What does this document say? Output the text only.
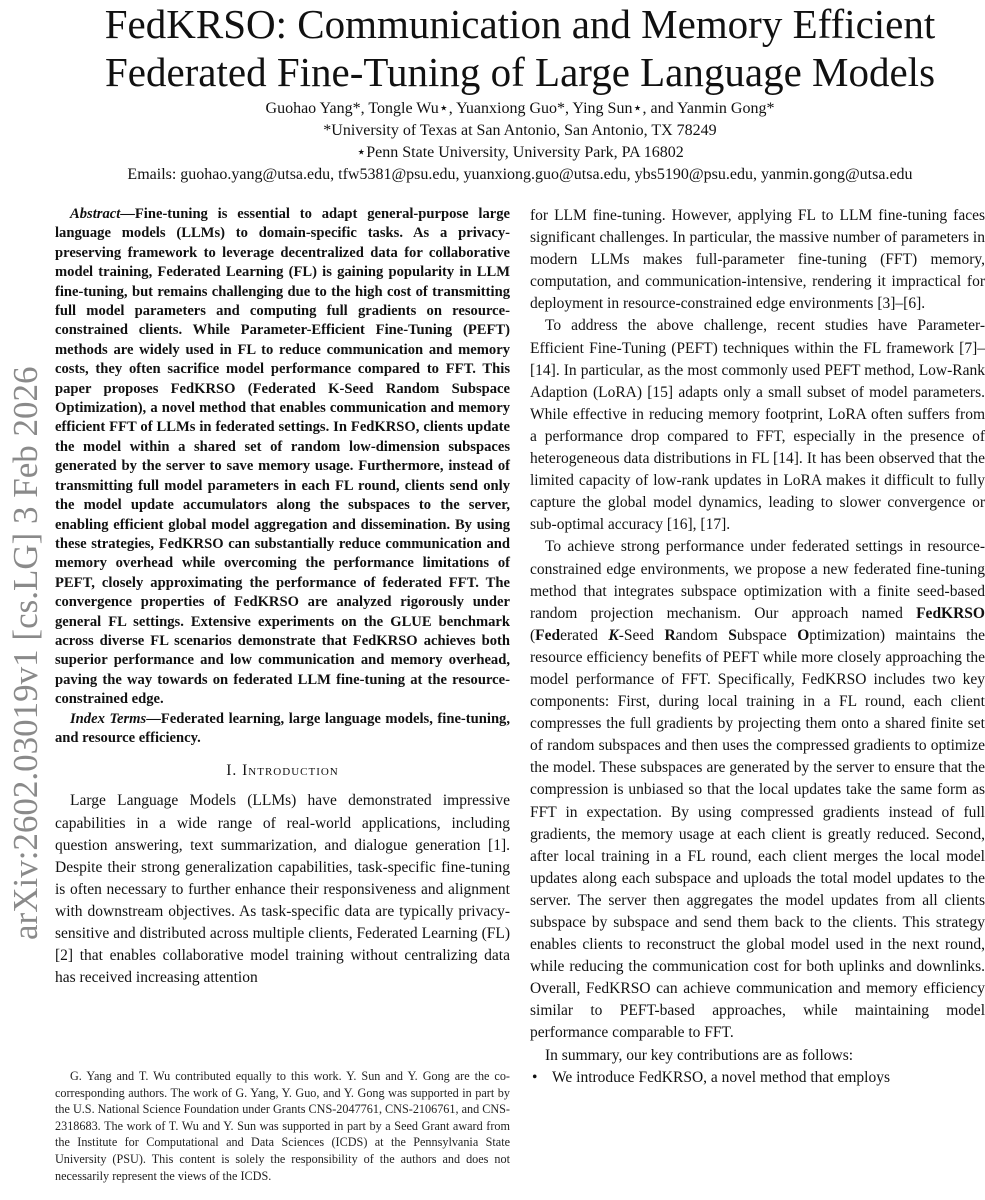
arXiv:2602.03019v1 [cs.LG] 3 Feb 2026
FedKRSO: Communication and Memory Efficient
Federated Fine-Tuning of Large Language Models
Guohao Yang*, Tongle Wu⋆, Yuanxiong Guo*, Ying Sun⋆, and Yanmin Gong*
*University of Texas at San Antonio, San Antonio, TX 78249
⋆Penn State University, University Park, PA 16802
Emails: guohao.yang@utsa.edu, tfw5381@psu.edu, yuanxiong.guo@utsa.edu, ybs5190@psu.edu, yanmin.gong@utsa.edu

Abstract—Fine-tuning is essential to adapt general-purpose large language models (LLMs) to domain-specific tasks. As a privacy-preserving framework to leverage decentralized data for collaborative model training, Federated Learning (FL) is gaining popularity in LLM fine-tuning, but remains challenging due to the high cost of transmitting full model parameters and computing full gradients on resource-constrained clients. While Parameter-Efficient Fine-Tuning (PEFT) methods are widely used in FL to reduce communication and memory costs, they often sacrifice model performance compared to FFT. This paper proposes FedKRSO (Federated K-Seed Random Subspace Optimization), a novel method that enables communication and memory efficient FFT of LLMs in federated settings. In FedKRSO, clients update the model within a shared set of random low-dimension subspaces generated by the server to save memory usage. Furthermore, instead of transmitting full model parameters in each FL round, clients send only the model update accumulators along the subspaces to the server, enabling efficient global model aggregation and dissemination. By using these strategies, FedKRSO can substantially reduce communication and memory overhead while overcoming the performance limitations of PEFT, closely approximating the performance of federated FFT. The convergence properties of FedKRSO are analyzed rigorously under general FL settings. Extensive experiments on the GLUE benchmark across diverse FL scenarios demonstrate that FedKRSO achieves both superior performance and low communication and memory overhead, paving the way towards on federated LLM fine-tuning at the resource-constrained edge.

Index Terms—Federated learning, large language models, fine-tuning, and resource efficiency.

I. Introduction

Large Language Models (LLMs) have demonstrated impressive capabilities in a wide range of real-world applications, including question answering, text summarization, and dialogue generation [1]. Despite their strong generalization capabilities, task-specific fine-tuning is often necessary to further enhance their responsiveness and alignment with downstream objectives. As task-specific data are typically privacy-sensitive and distributed across multiple clients, Federated Learning (FL) [2] that enables collaborative model training without centralizing data has received increasing attention

G. Yang and T. Wu contributed equally to this work. Y. Sun and Y. Gong are the co-corresponding authors. The work of G. Yang, Y. Guo, and Y. Gong was supported in part by the U.S. National Science Foundation under Grants CNS-2047761, CNS-2106761, and CNS-2318683. The work of T. Wu and Y. Sun was supported in part by a Seed Grant award from the Institute for Computational and Data Sciences (ICDS) at the Pennsylvania State University (PSU). This content is solely the responsibility of the authors and does not necessarily represent the views of the ICDS.

for LLM fine-tuning. However, applying FL to LLM fine-tuning faces significant challenges. In particular, the massive number of parameters in modern LLMs makes full-parameter fine-tuning (FFT) memory, computation, and communication-intensive, rendering it impractical for deployment in resource-constrained edge environments [3]–[6].

To address the above challenge, recent studies have Parameter-Efficient Fine-Tuning (PEFT) techniques within the FL framework [7]–[14]. In particular, as the most commonly used PEFT method, Low-Rank Adaption (LoRA) [15] adapts only a small subset of model parameters. While effective in reducing memory footprint, LoRA often suffers from a performance drop compared to FFT, especially in the presence of heterogeneous data distributions in FL [14]. It has been observed that the limited capacity of low-rank updates in LoRA makes it difficult to fully capture the global model dynamics, leading to slower convergence or sub-optimal accuracy [16], [17].

To achieve strong performance under federated settings in resource-constrained edge environments, we propose a new federated fine-tuning method that integrates subspace optimization with a finite seed-based random projection mechanism. Our approach named FedKRSO (Federated K-Seed Random Subspace Optimization) maintains the resource efficiency benefits of PEFT while more closely approaching the model performance of FFT. Specifically, FedKRSO includes two key components: First, during local training in a FL round, each client compresses the full gradients by projecting them onto a shared finite set of random subspaces and then uses the compressed gradients to optimize the model. These subspaces are generated by the server to ensure that the compression is unbiased so that the local updates take the same form as FFT in expectation. By using compressed gradients instead of full gradients, the memory usage at each client is greatly reduced. Second, after local training in a FL round, each client merges the local model updates along each subspace and uploads the total model updates to the server. The server then aggregates the model updates from all clients subspace by subspace and send them back to the clients. This strategy enables clients to reconstruct the global model used in the next round, while reducing the communication cost for both uplinks and downlinks. Overall, FedKRSO can achieve communication and memory efficiency similar to PEFT-based approaches, while maintaining model performance comparable to FFT.

In summary, our key contributions are as follows:

• We introduce FedKRSO, a novel method that employs
